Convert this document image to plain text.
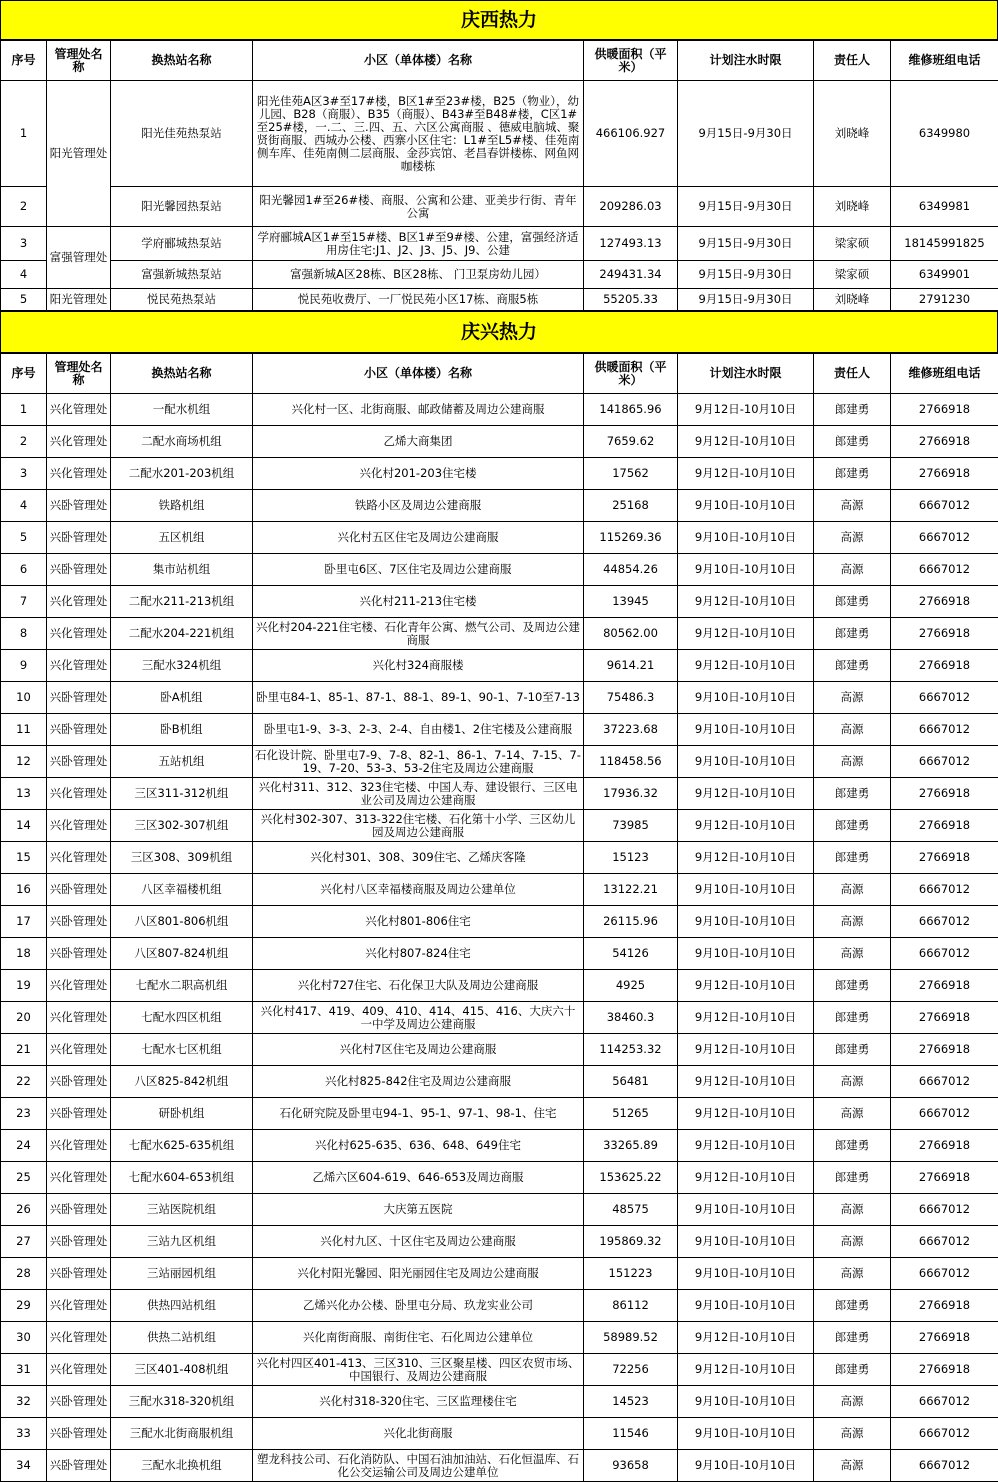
庆西热力
序号	管理处名称	换热站名称	小区（单体楼）名称	供暖面积（平米）	计划注水时限	责任人	维修班组电话
1	阳光管理处	阳光佳苑热泵站	阳光佳苑A区3#至17#楼，B区1#至23#楼，B25（物业），幼儿园、B28（商服）、B35（商服）、B43#至B48#楼，C区1#至25#楼，一.二、三.四、五、六区公寓商服 、德威电脑城、聚贤街商服、西城办公楼、西寨小区住宅：L1#至L5#楼、佳苑南侧车库、佳苑南侧二层商服、金莎宾馆、老昌春饼楼栋、网鱼网咖楼栋	466106.927	9月15日-9月30日	刘晓峰	6349980
2		阳光馨园热泵站	阳光馨园1#至26#楼、商服、公寓和公建、亚美步行街、青年公寓	209286.03	9月15日-9月30日	刘晓峰	6349981
3	富强管理处	学府郦城热泵站	学府郦城A区1#至15#楼、B区1#至9#楼、公建，富强经济适用房住宅:J1、J2、J3、J5、J9、公建	127493.13	9月15日-9月30日	梁家硕	18145991825
4		富强新城热泵站	富强新城A区28栋、B区28栋、 门卫泵房幼儿园）	249431.34	9月15日-9月30日	梁家硕	6349901
5	阳光管理处	悦民苑热泵站	悦民苑收费厅、一厂悦民苑小区17栋、商服5栋	55205.33	9月15日-9月30日	刘晓峰	2791230
庆兴热力
序号	管理处名称	换热站名称	小区（单体楼）名称	供暖面积（平米）	计划注水时限	责任人	维修班组电话
1	兴化管理处	一配水机组	兴化村一区、北街商服、邮政储蓄及周边公建商服	141865.96	9月12日-10月10日	郎建勇	2766918
2	兴化管理处	二配水商场机组	乙烯大商集团	7659.62	9月12日-10月10日	郎建勇	2766918
3	兴化管理处	二配水201-203机组	兴化村201-203住宅楼	17562	9月12日-10月10日	郎建勇	2766918
4	兴卧管理处	铁路机组	铁路小区及周边公建商服	25168	9月10日-10月10日	高源	6667012
5	兴卧管理处	五区机组	兴化村五区住宅及周边公建商服	115269.36	9月10日-10月10日	高源	6667012
6	兴卧管理处	集市站机组	卧里屯6区、7区住宅及周边公建商服	44854.26	9月10日-10月10日	高源	6667012
7	兴化管理处	二配水211-213机组	兴化村211-213住宅楼	13945	9月12日-10月10日	郎建勇	2766918
8	兴化管理处	二配水204-221机组	兴化村204-221住宅楼、石化青年公寓、燃气公司、及周边公建商服	80562.00	9月12日-10月10日	郎建勇	2766918
9	兴化管理处	三配水324机组	兴化村324商服楼	9614.21	9月12日-10月10日	郎建勇	2766918
10	兴卧管理处	卧A机组	卧里屯84-1、85-1、87-1、88-1、89-1、90-1、7-10至7-13	75486.3	9月10日-10月10日	高源	6667012
11	兴卧管理处	卧B机组	卧里屯1-9、3-3、2-3、2-4、自由楼1、2住宅楼及公建商服	37223.68	9月10日-10月10日	高源	6667012
12	兴卧管理处	五站机组	石化设计院、卧里屯7-9、7-8、82-1、86-1、7-14、7-15、7-19、7-20、53-3、53-2住宅及周边公建商服	118458.56	9月10日-10月10日	高源	6667012
13	兴化管理处	三区311-312机组	兴化村311、312、323住宅楼、中国人寿、建设银行、三区电业公司及周边公建商服	17936.32	9月12日-10月10日	郎建勇	2766918
14	兴化管理处	三区302-307机组	兴化村302-307、313-322住宅楼、石化第十小学、三区幼儿园及周边公建商服	73985	9月12日-10月10日	郎建勇	2766918
15	兴化管理处	三区308、309机组	兴化村301、308、309住宅、乙烯庆客隆	15123	9月12日-10月10日	郎建勇	2766918
16	兴卧管理处	八区幸福楼机组	兴化村八区幸福楼商服及周边公建单位	13122.21	9月10日-10月10日	高源	6667012
17	兴卧管理处	八区801-806机组	兴化村801-806住宅	26115.96	9月10日-10月10日	高源	6667012
18	兴卧管理处	八区807-824机组	兴化村807-824住宅	54126	9月10日-10月10日	高源	6667012
19	兴化管理处	七配水二职高机组	兴化村727住宅、石化保卫大队及周边公建商服	4925	9月12日-10月10日	郎建勇	2766918
20	兴化管理处	七配水四区机组	兴化村417、419、409、410、414、415、416、大庆六十一中学及周边公建商服	38460.3	9月12日-10月10日	郎建勇	2766918
21	兴化管理处	七配水七区机组	兴化村7区住宅及周边公建商服	114253.32	9月12日-10月10日	郎建勇	2766918
22	兴卧管理处	八区825-842机组	兴化村825-842住宅及周边公建商服	56481	9月12日-10月10日	高源	6667012
23	兴卧管理处	研卧机组	石化研究院及卧里屯94-1、95-1、97-1、98-1、住宅	51265	9月12日-10月10日	高源	6667012
24	兴化管理处	七配水625-635机组	兴化村625-635、636、648、649住宅	33265.89	9月12日-10月10日	郎建勇	2766918
25	兴化管理处	七配水604-653机组	乙烯六区604-619、646-653及周边商服	153625.22	9月12日-10月10日	郎建勇	2766918
26	兴卧管理处	三站医院机组	大庆第五医院	48575	9月10日-10月10日	高源	6667012
27	兴卧管理处	三站九区机组	兴化村九区、十区住宅及周边公建商服	195869.32	9月10日-10月10日	高源	6667012
28	兴卧管理处	三站丽园机组	兴化村阳光馨园、阳光丽园住宅及周边公建商服	151223	9月10日-10月10日	高源	6667012
29	兴化管理处	供热四站机组	乙烯兴化办公楼、卧里屯分局、玖龙实业公司	86112	9月10日-10月10日	郎建勇	2766918
30	兴化管理处	供热二站机组	兴化南街商服、南街住宅、石化周边公建单位	58989.52	9月12日-10月10日	郎建勇	2766918
31	兴化管理处	三区401-408机组	兴化村四区401-413、三区310、三区聚星楼、四区农贸市场、中国银行、及周边公建商服	72256	9月12日-10月10日	郎建勇	2766918
32	兴卧管理处	三配水318-320机组	兴化村318-320住宅、三区监理楼住宅	14523	9月10日-10月10日	高源	6667012
33	兴卧管理处	三配水北街商服机组	兴化北街商服	11546	9月10日-10月10日	高源	6667012
34	兴卧管理处	三配水北换机组	塑龙科技公司、石化消防队、中国石油加油站、石化恒温库、石化公交运输公司及周边公建单位	93658	9月10日-10月10日	高源	6667012
